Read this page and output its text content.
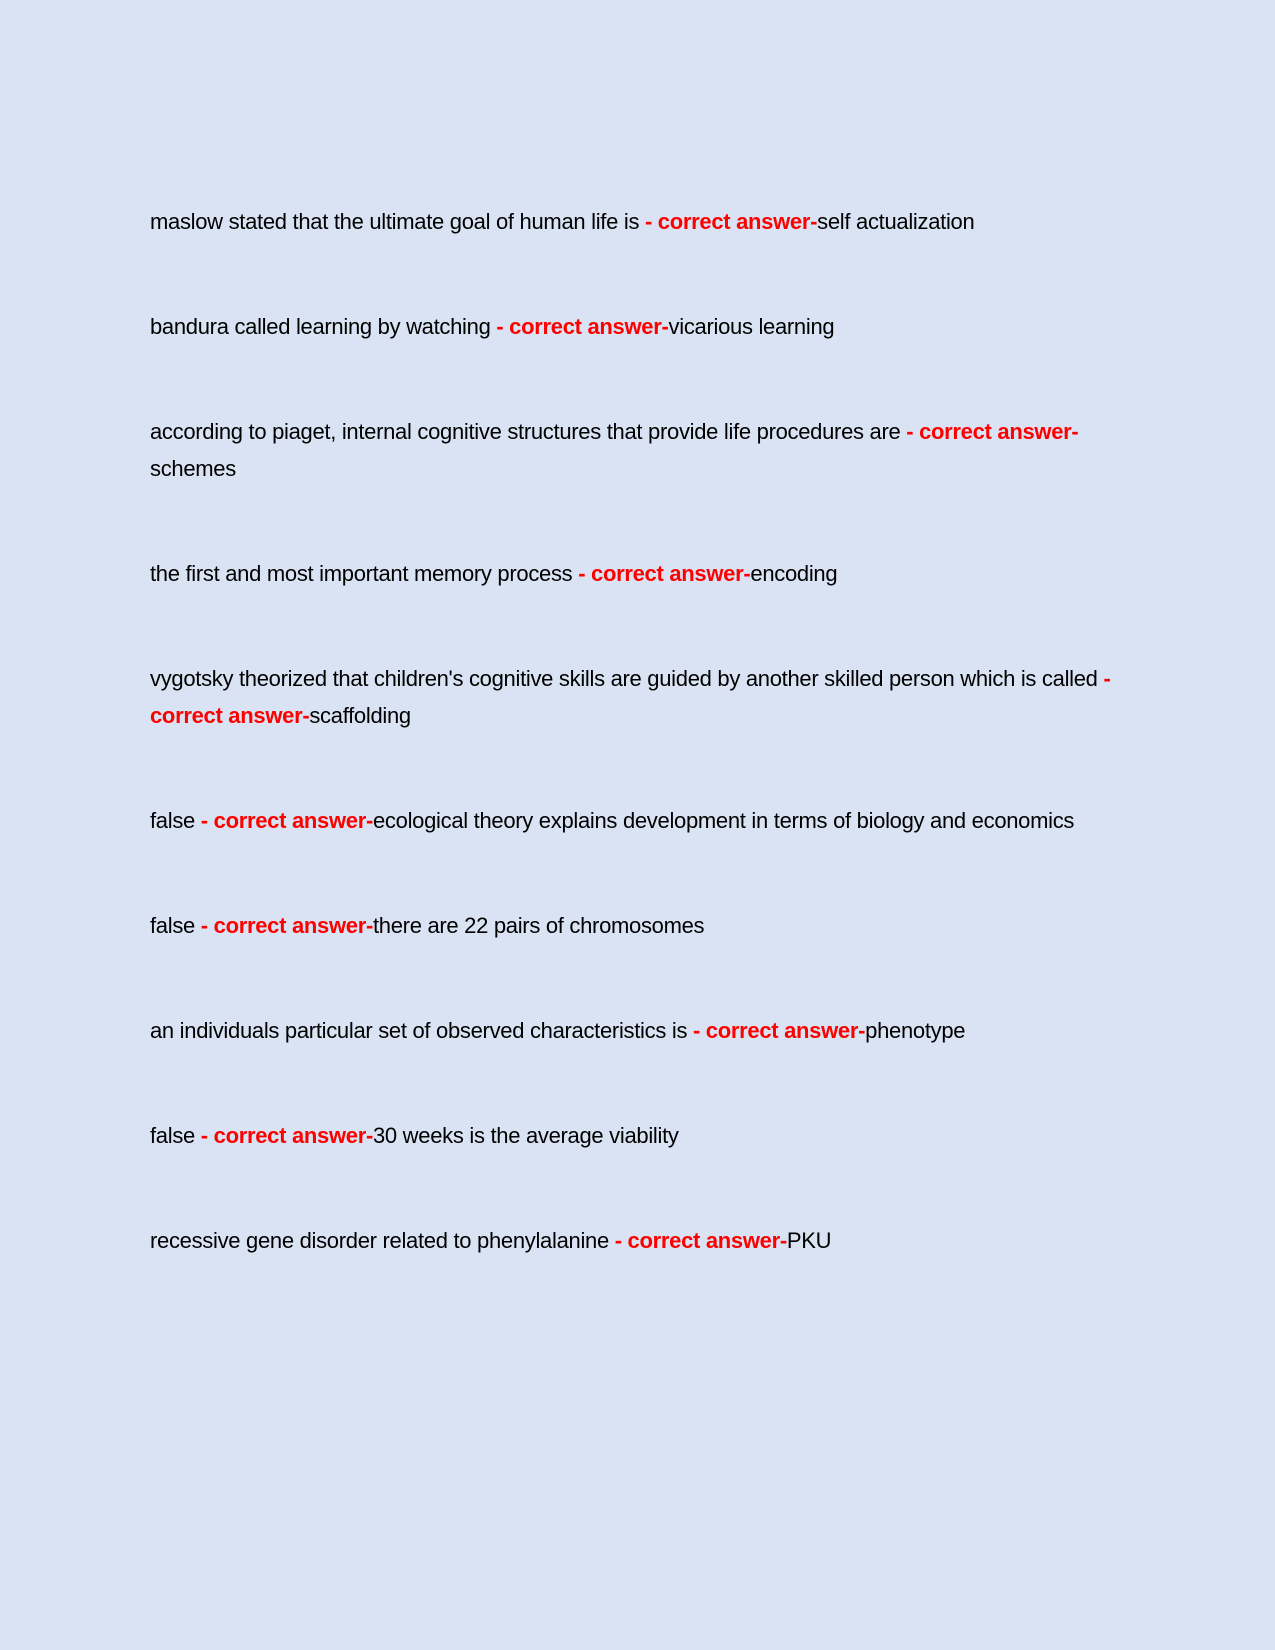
maslow stated that the ultimate goal of human life is - correct answer-self actualization

bandura called learning by watching - correct answer-vicarious learning

according to piaget, internal cognitive structures that provide life procedures are - correct answer-schemes

the first and most important memory process - correct answer-encoding

vygotsky theorized that children's cognitive skills are guided by another skilled person which is called - correct answer-scaffolding

false - correct answer-ecological theory explains development in terms of biology and economics

false - correct answer-there are 22 pairs of chromosomes

an individuals particular set of observed characteristics is - correct answer-phenotype

false - correct answer-30 weeks is the average viability

recessive gene disorder related to phenylalanine - correct answer-PKU
